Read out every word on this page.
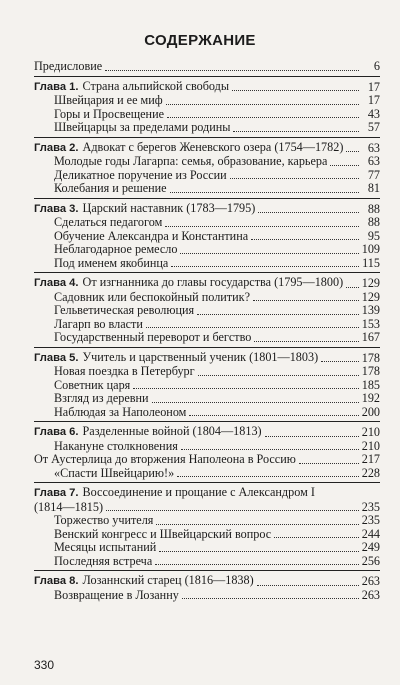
СОДЕРЖАНИЕ
Предисловие	6
Глава 1. Страна альпийской свободы	17
Швейцария и ее миф	17
Горы и Просвещение	43
Швейцарцы за пределами родины	57
Глава 2. Адвокат с берегов Женевского озера (1754—1782)	63
Молодые годы Лагарпа: семья, образование, карьера	63
Деликатное поручение из России	77
Колебания и решение	81
Глава 3. Царский наставник (1783—1795)	88
Сделаться педагогом	88
Обучение Александра и Константина	95
Неблагодарное ремесло	109
Под именем якобинца	115
Глава 4. От изгнанника до главы государства (1795—1800) 129
Садовник или беспокойный политик?	129
Гельветическая революция	139
Лагарп во власти	153
Государственный переворот и бегство	167
Глава 5. Учитель и царственный ученик (1801—1803)	178
Новая поездка в Петербург	178
Советник царя	185
Взгляд из деревни	192
Наблюдая за Наполеоном	200
Глава 6. Разделенные войной (1804—1813)	210
Накануне столкновения	210
От Аустерлица до вторжения Наполеона в Россию	217
«Спасти Швейцарию!»	228
Глава 7. Воссоединение и прощание с Александром I
(1814—1815)	235
Торжество учителя	235
Венский конгресс и Швейцарский вопрос	244
Месяцы испытаний	249
Последняя встреча	256
Глава 8. Лозаннский старец (1816—1838)	263
Возвращение в Лозанну	263
330
